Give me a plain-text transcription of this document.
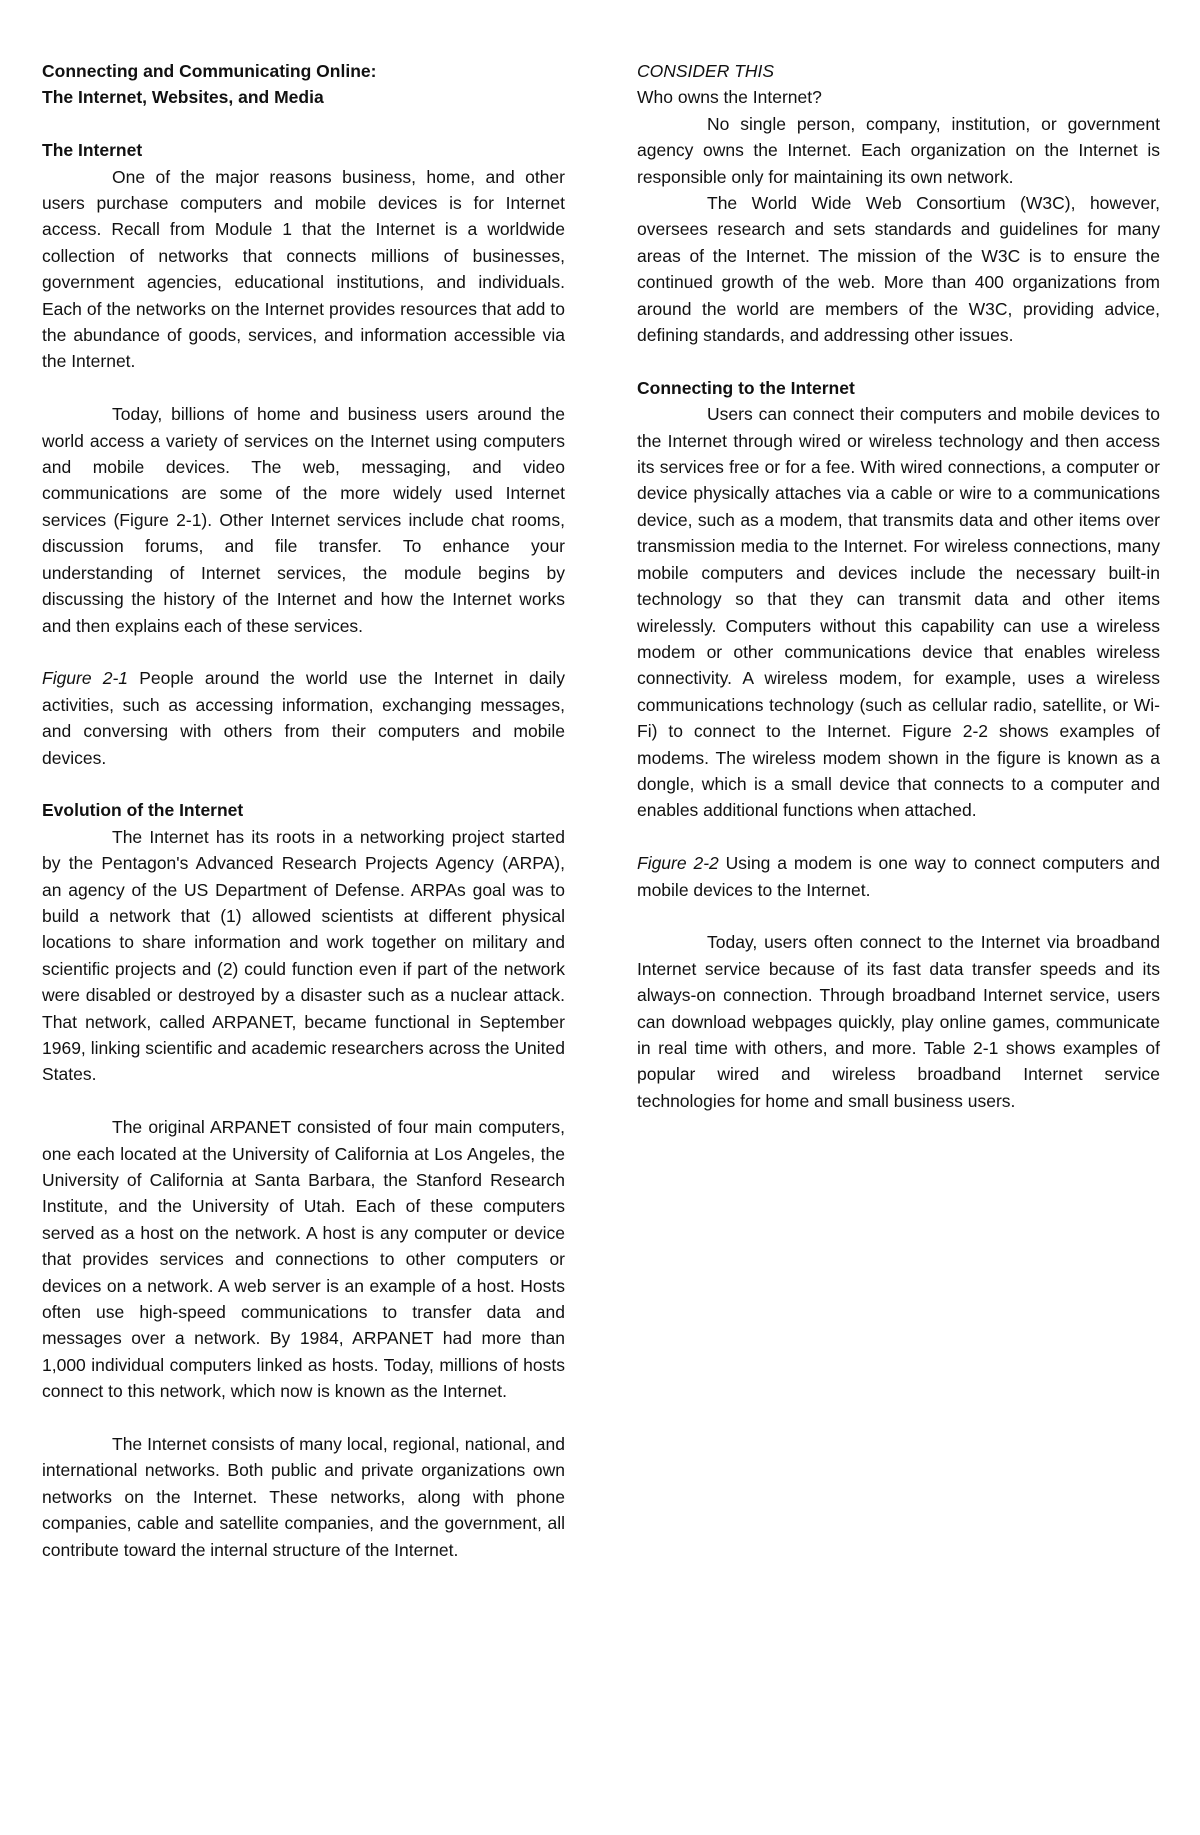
Connecting and Communicating Online:
The Internet, Websites, and Media
The Internet

One of the major reasons business, home, and other users purchase computers and mobile devices is for Internet access. Recall from Module 1 that the Internet is a worldwide collection of networks that connects millions of businesses, government agencies, educational institutions, and individuals. Each of the networks on the Internet provides resources that add to the abundance of goods, services, and information accessible via the Internet.

Today, billions of home and business users around the world access a variety of services on the Internet using computers and mobile devices. The web, messaging, and video communications are some of the more widely used Internet services (Figure 2-1). Other Internet services include chat rooms, discussion forums, and file transfer. To enhance your understanding of Internet services, the module begins by discussing the history of the Internet and how the Internet works and then explains each of these services.

Figure 2-1 People around the world use the Internet in daily activities, such as accessing information, exchanging messages, and conversing with others from their computers and mobile devices.

Evolution of the Internet

The Internet has its roots in a networking project started by the Pentagon's Advanced Research Projects Agency (ARPA), an agency of the US Department of Defense. ARPAs goal was to build a network that (1) allowed scientists at different physical locations to share information and work together on military and scientific projects and (2) could function even if part of the network were disabled or destroyed by a disaster such as a nuclear attack. That network, called ARPANET, became functional in September 1969, linking scientific and academic researchers across the United States.

The original ARPANET consisted of four main computers, one each located at the University of California at Los Angeles, the University of California at Santa Barbara, the Stanford Research Institute, and the University of Utah. Each of these computers served as a host on the network. A host is any computer or device that provides services and connections to other computers or devices on a network. A web server is an example of a host. Hosts often use high-speed communications to transfer data and messages over a network. By 1984, ARPANET had more than 1,000 individual computers linked as hosts. Today, millions of hosts connect to this network, which now is known as the Internet.

The Internet consists of many local, regional, national, and international networks. Both public and private organizations own networks on the Internet. These networks, along with phone companies, cable and satellite companies, and the government, all contribute toward the internal structure of the Internet.

CONSIDER THIS
Who owns the Internet?

No single person, company, institution, or government agency owns the Internet. Each organization on the Internet is responsible only for maintaining its own network.

The World Wide Web Consortium (W3C), however, oversees research and sets standards and guidelines for many areas of the Internet. The mission of the W3C is to ensure the continued growth of the web. More than 400 organizations from around the world are members of the W3C, providing advice, defining standards, and addressing other issues.

Connecting to the Internet

Users can connect their computers and mobile devices to the Internet through wired or wireless technology and then access its services free or for a fee. With wired connections, a computer or device physically attaches via a cable or wire to a communications device, such as a modem, that transmits data and other items over transmission media to the Internet. For wireless connections, many mobile computers and devices include the necessary built-in technology so that they can transmit data and other items wirelessly. Computers without this capability can use a wireless modem or other communications device that enables wireless connectivity. A wireless modem, for example, uses a wireless communications technology (such as cellular radio, satellite, or Wi-Fi) to connect to the Internet. Figure 2-2 shows examples of modems. The wireless modem shown in the figure is known as a dongle, which is a small device that connects to a computer and enables additional functions when attached.

Figure 2-2 Using a modem is one way to connect computers and mobile devices to the Internet.

Today, users often connect to the Internet via broadband Internet service because of its fast data transfer speeds and its always-on connection. Through broadband Internet service, users can download webpages quickly, play online games, communicate in real time with others, and more. Table 2-1 shows examples of popular wired and wireless broadband Internet service technologies for home and small business users.
